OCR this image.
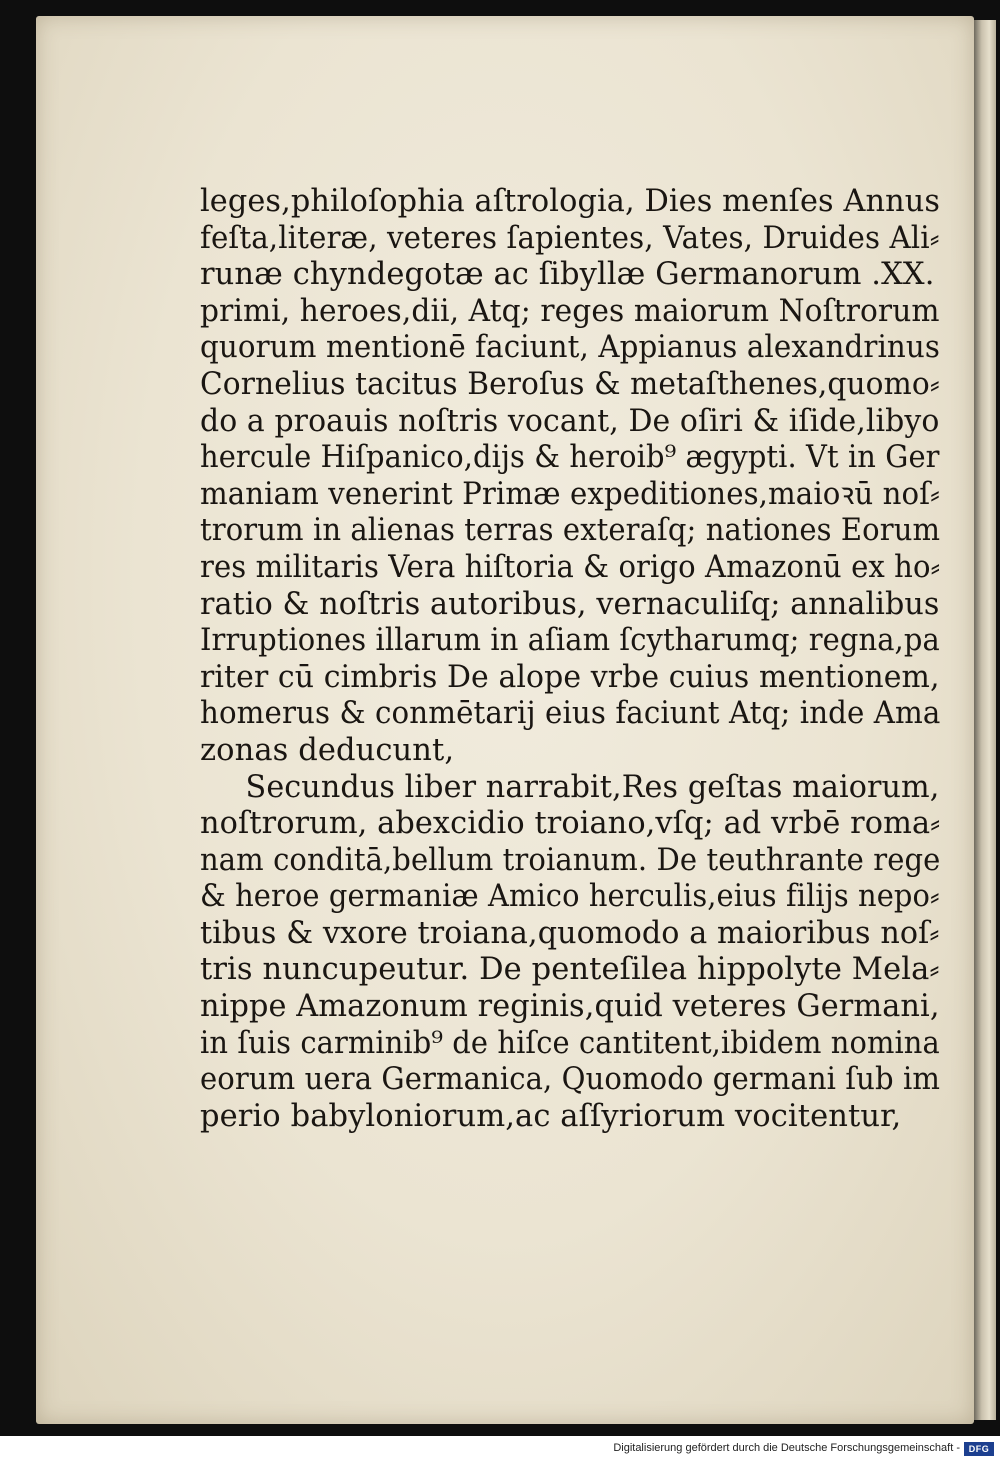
leges,philoſophia aſtrologia, Dies menſes Annus
feſta,literæ, veteres ſapientes, Vates, Druides Ali⸗
runæ chyndegotæ ac ſibyllæ Germanorum .XX.
primi, heroes,dii, Atq; reges maiorum Noſtrorum
quorum mentionē faciunt, Appianus alexandrinus
Cornelius tacitus Beroſus & metaſthenes,quomo⸗
do a proauis noſtris vocant, De oſiri & iſide,libyo
hercule Hiſpanico,dijs & heroib⁹ ægypti. Vt in Ger
maniam venerint Primæ expeditiones,maioꝛū noſ⸗
trorum in alienas terras exteraſq; nationes Eorum
res militaris Vera hiſtoria & origo Amazonū ex ho⸗
ratio & noſtris autoribus, vernaculiſq; annalibus
Irruptiones illarum in aſiam ſcytharumq; regna,pa
riter cū cimbris De alope vrbe cuius mentionem,
homerus & conmētarij eius faciunt Atq; inde Ama
zonas deducunt,
Secundus liber narrabit,Res geſtas maiorum,
noſtrorum, abexcidio troiano,vſq; ad vrbē roma⸗
nam conditā,bellum troianum. De teuthrante rege
& heroe germaniæ Amico herculis,eius filijs nepo⸗
tibus & vxore troiana,quomodo a maioribus noſ⸗
tris nuncupeutur. De penteſilea hippolyte Mela⸗
nippe Amazonum reginis,quid veteres Germani,
in ſuis carminib⁹ de hiſce cantitent,ibidem nomina
eorum uera Germanica, Quomodo germani ſub im
perio babyloniorum,ac aſſyriorum vocitentur,
Digitalisierung gefördert durch die Deutsche Forschungsgemeinschaft - DFG
